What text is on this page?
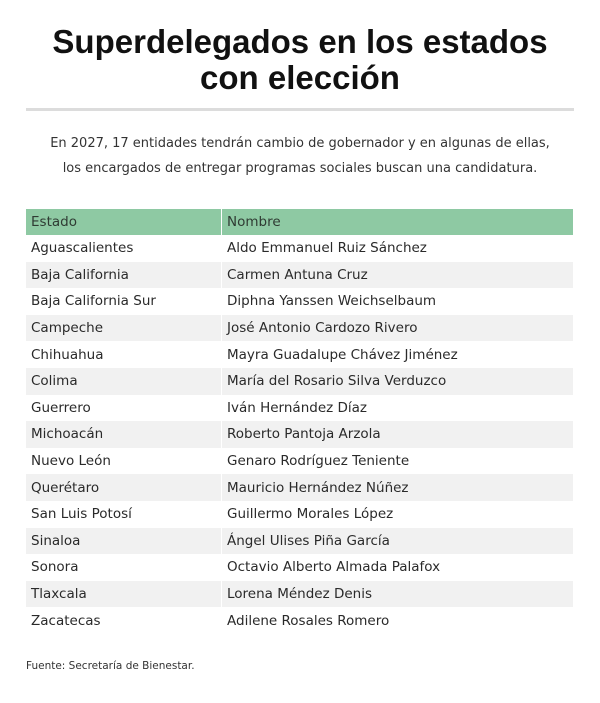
Superdelegados en los estados con elección

En 2027, 17 entidades tendrán cambio de gobernador y en algunas de ellas, los encargados de entregar programas sociales buscan una candidatura.

Estado	Nombre
Aguascalientes	Aldo Emmanuel Ruiz Sánchez
Baja California	Carmen Antuna Cruz
Baja California Sur	Diphna Yanssen Weichselbaum
Campeche	José Antonio Cardozo Rivero
Chihuahua	Mayra Guadalupe Chávez Jiménez
Colima	María del Rosario Silva Verduzco
Guerrero	Iván Hernández Díaz
Michoacán	Roberto Pantoja Arzola
Nuevo León	Genaro Rodríguez Teniente
Querétaro	Mauricio Hernández Núñez
San Luis Potosí	Guillermo Morales López
Sinaloa	Ángel Ulises Piña García
Sonora	Octavio Alberto Almada Palafox
Tlaxcala	Lorena Méndez Denis
Zacatecas	Adilene Rosales Romero
Fuente: Secretaría de Bienestar.
